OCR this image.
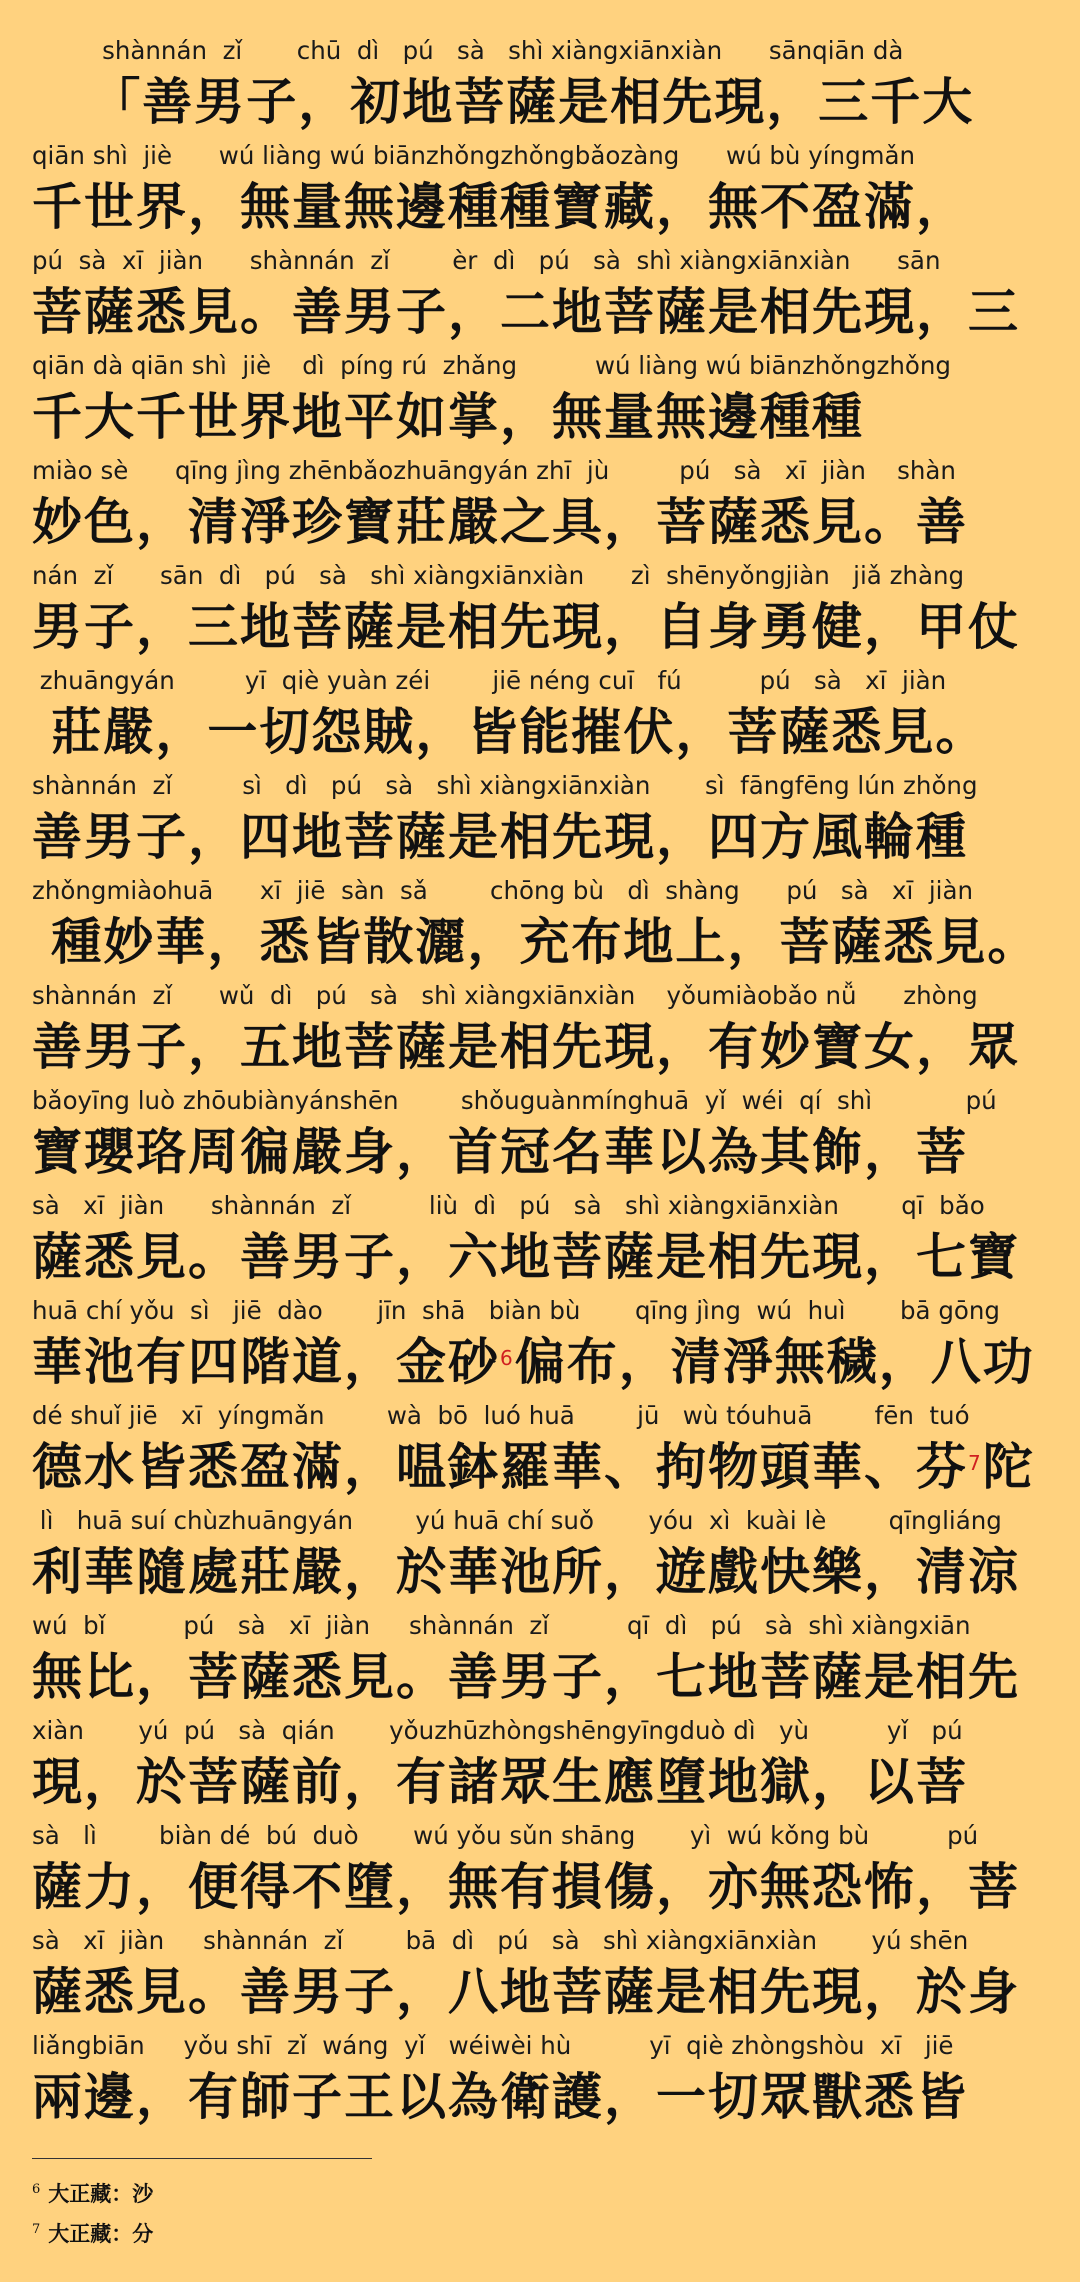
shànnán  zǐ       chū  dì   pú   sà   shì xiàngxiānxiàn      sānqiān dà
「善男子，初地菩薩是相先現，三千大
qiān shì  jiè      wú liàng wú biānzhǒngzhǒngbǎozàng      wú bù yíngmǎn
千世界，無量無邊種種寶藏，無不盈滿，
pú  sà  xī  jiàn      shànnán  zǐ        èr  dì   pú   sà  shì xiàngxiānxiàn      sān
菩薩悉見。善男子，二地菩薩是相先現，三
qiān dà qiān shì  jiè    dì  píng rú  zhǎng          wú liàng wú biānzhǒngzhǒng
千大千世界地平如掌，無量無邊種種
miào sè      qīng jìng zhēnbǎozhuāngyán zhī  jù         pú   sà   xī  jiàn    shàn
妙色，清淨珍寶莊嚴之具，菩薩悉見。善
nán  zǐ      sān  dì   pú   sà   shì xiàngxiānxiàn      zì  shēnyǒngjiàn   jiǎ zhàng
男子，三地菩薩是相先現，自身勇健，甲仗
zhuāngyán         yī  qiè yuàn zéi        jiē néng cuī   fú          pú   sà   xī  jiàn
莊嚴，一切怨賊，皆能摧伏，菩薩悉見。
shànnán  zǐ         sì   dì   pú   sà   shì xiàngxiānxiàn       sì  fāngfēng lún zhǒng
善男子，四地菩薩是相先現，四方風輪種
zhǒngmiàohuā      xī  jiē  sàn  sǎ        chōng bù   dì  shàng      pú   sà   xī  jiàn
種妙華，悉皆散灑，充布地上，菩薩悉見。
shànnán  zǐ      wǔ  dì   pú   sà   shì xiàngxiānxiàn    yǒumiàobǎo nǚ      zhòng
善男子，五地菩薩是相先現，有妙寶女，眾
bǎoyīng luò zhōubiànyánshēn        shǒuguànmínghuā  yǐ  wéi  qí  shì            pú
寶瓔珞周徧嚴身，首冠名華以為其飾，菩
sà   xī  jiàn      shànnán  zǐ          liù  dì   pú   sà   shì xiàngxiānxiàn        qī  bǎo
薩悉見。善男子，六地菩薩是相先現，七寶
huā chí yǒu  sì   jiē  dào       jīn  shā   biàn bù       qīng jìng  wú  huì       bā gōng
華池有四階道，金砂$^6$偏布，清淨無穢，八功
dé shuǐ jiē   xī  yíngmǎn        wà  bō  luó huā        jū   wù tóuhuā        fēn  tuó
德水皆悉盈滿，嗢鉢羅華、拘物頭華、芬$^7$陀
lì   huā suí chùzhuāngyán        yú huā chí suǒ       yóu  xì  kuài lè        qīngliáng
利華隨處莊嚴，於華池所，遊戲快樂，清涼
wú  bǐ          pú   sà   xī  jiàn     shànnán  zǐ          qī  dì   pú   sà  shì xiàngxiān
無比，菩薩悉見。善男子，七地菩薩是相先
xiàn       yú  pú   sà  qián       yǒuzhūzhòngshēngyīngduò dì   yù          yǐ   pú
現，於菩薩前，有諸眾生應墮地獄，以菩
sà   lì        biàn dé  bú  duò       wú yǒu sǔn shāng       yì  wú kǒng bù          pú
薩力，便得不墮，無有損傷，亦無恐怖，菩
sà   xī  jiàn     shànnán  zǐ        bā  dì   pú   sà   shì xiàngxiānxiàn       yú shēn
薩悉見。善男子，八地菩薩是相先現，於身
liǎngbiān     yǒu shī  zǐ  wáng  yǐ   wéiwèi hù          yī  qiè zhòngshòu  xī   jiē
兩邊，有師子王以為衛護，一切眾獸悉皆
$^6$ 大正藏：沙
$^7$ 大正藏：分
